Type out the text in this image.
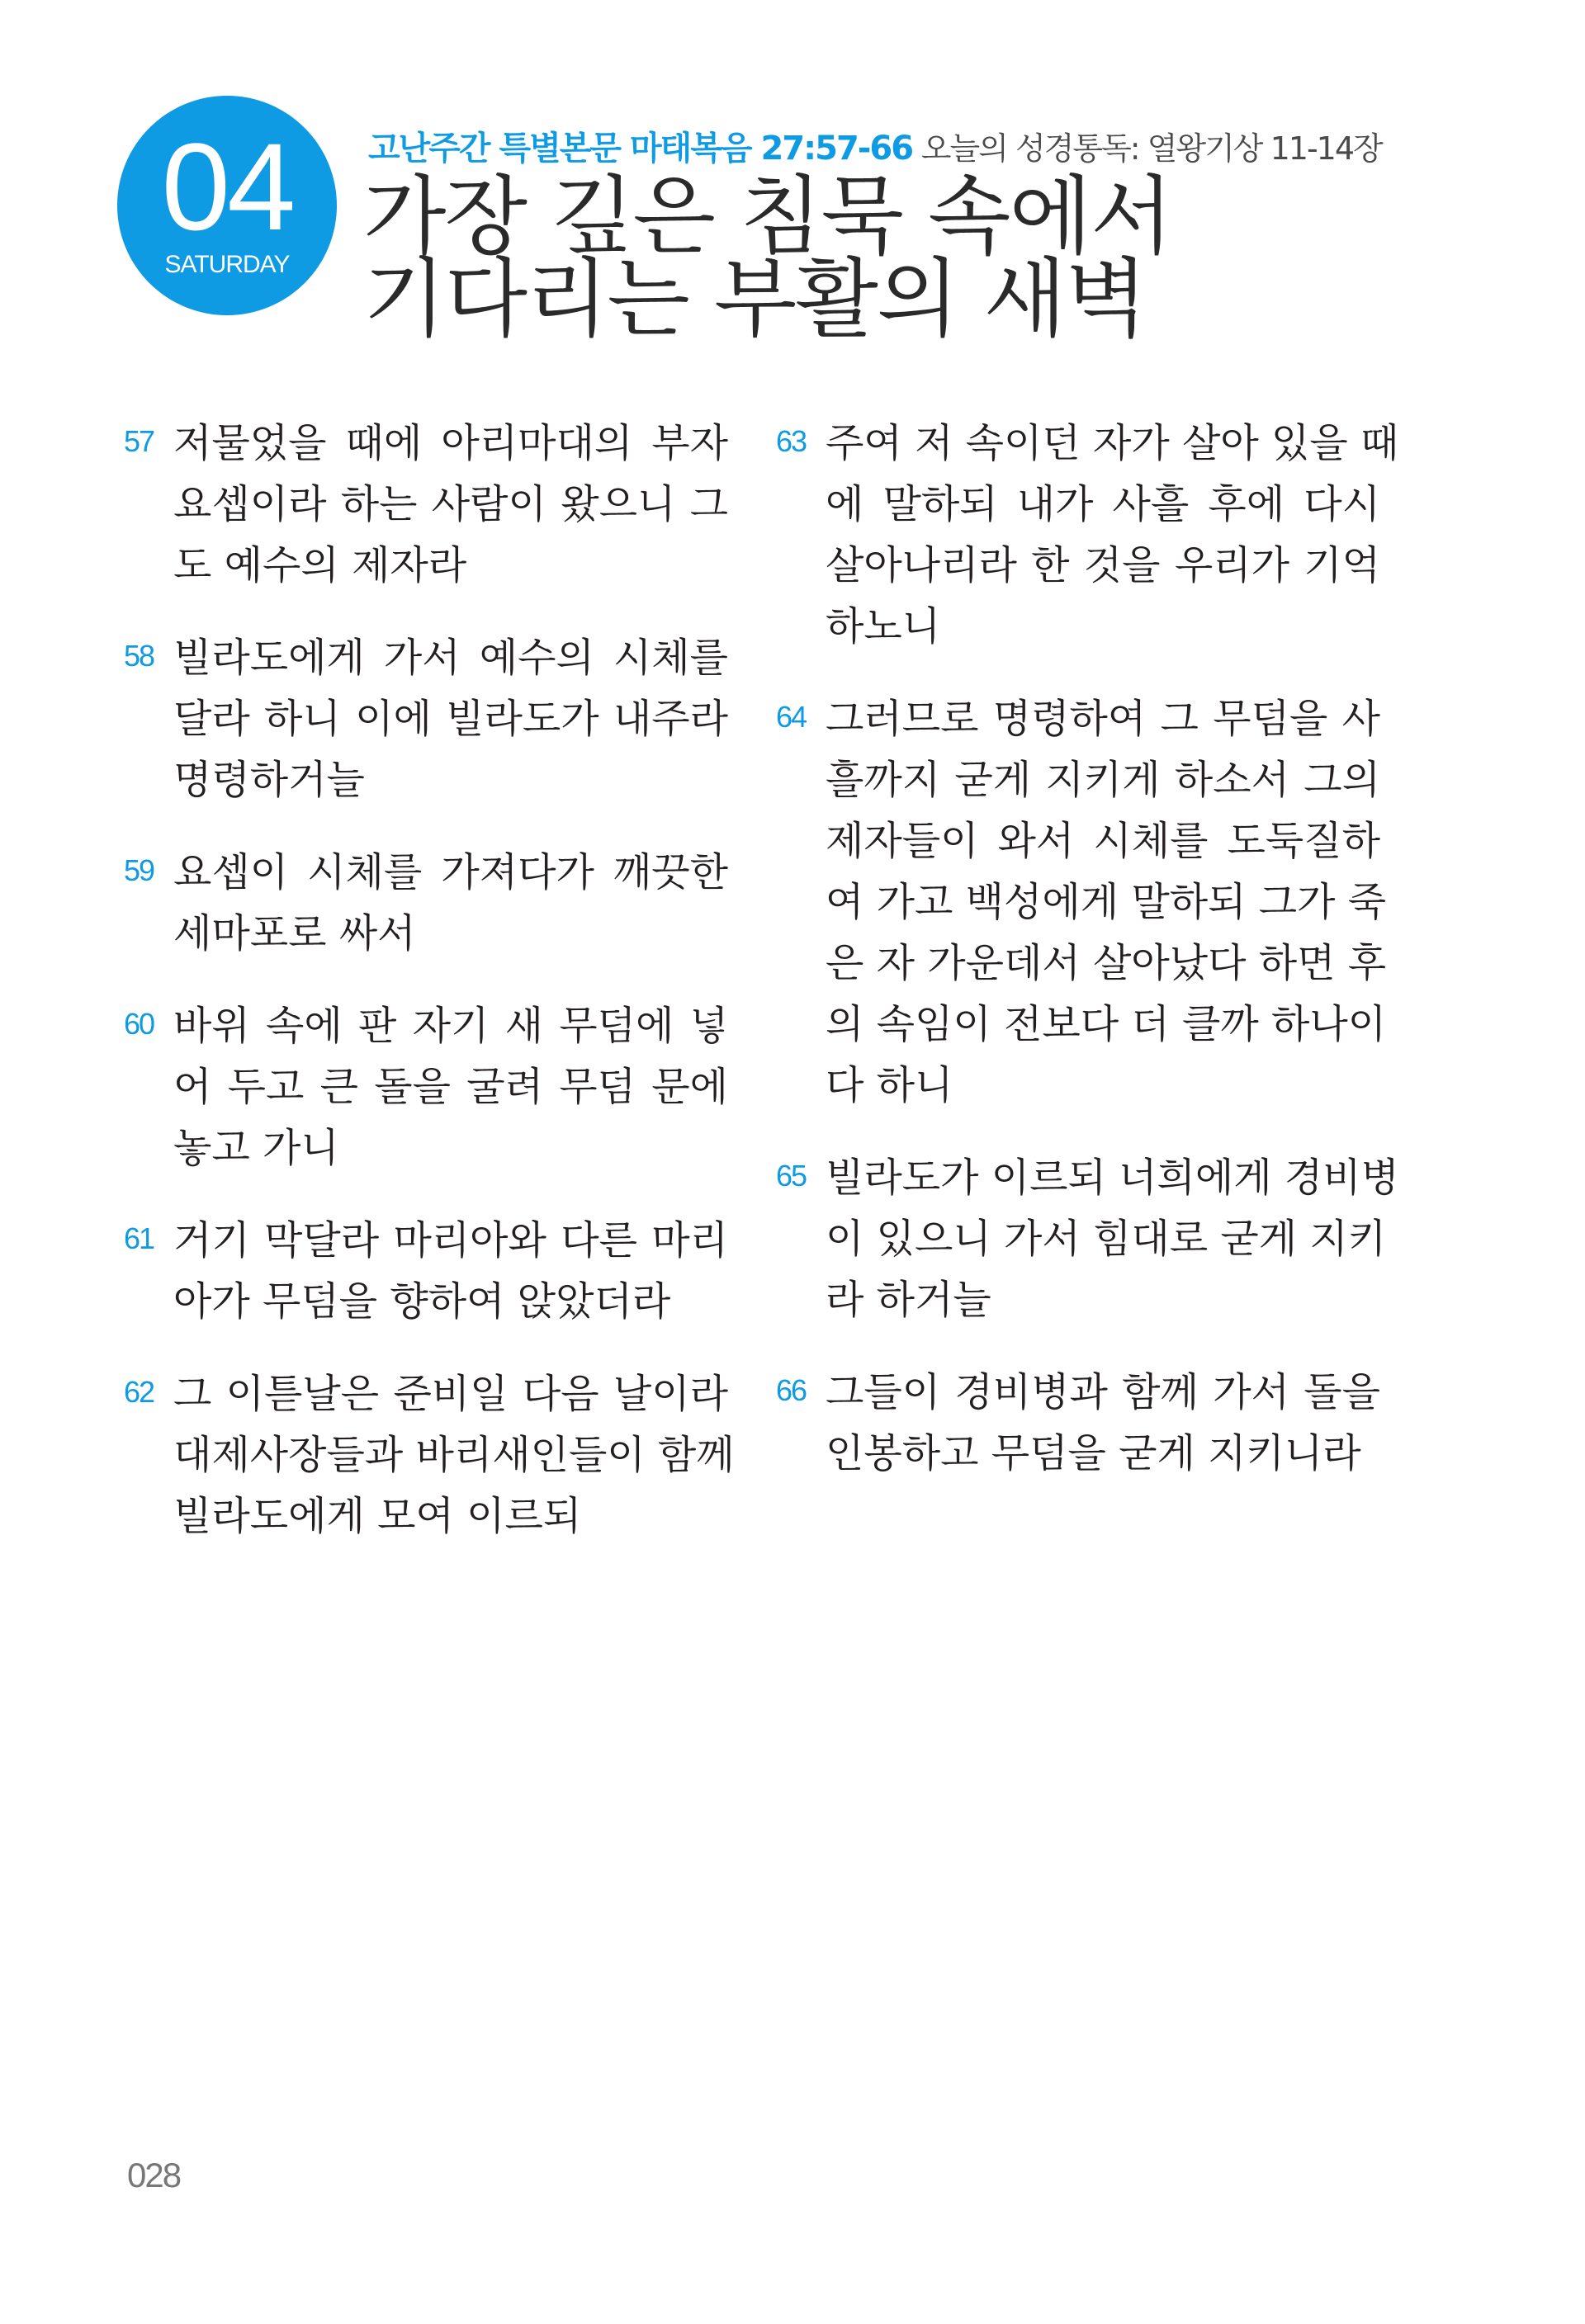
04
SATURDAY
고난주간 특별본문 마태복음 27:57-66 오늘의 성경통독: 열왕기상 11-14장
가장 깊은 침묵 속에서
기다리는 부활의 새벽
57 저물었을 때에 아리마대의 부자
요셉이라 하는 사람이 왔으니 그
도 예수의 제자라
58 빌라도에게 가서 예수의 시체를
달라 하니 이에 빌라도가 내주라
명령하거늘
59 요셉이 시체를 가져다가 깨끗한
세마포로 싸서
60 바위 속에 판 자기 새 무덤에 넣
어 두고 큰 돌을 굴려 무덤 문에
놓고 가니
61 거기 막달라 마리아와 다른 마리
아가 무덤을 향하여 앉았더라
62 그 이튿날은 준비일 다음 날이라
대제사장들과 바리새인들이 함께
빌라도에게 모여 이르되
63 주여 저 속이던 자가 살아 있을 때
에 말하되 내가 사흘 후에 다시
살아나리라 한 것을 우리가 기억
하노니
64 그러므로 명령하여 그 무덤을 사
흘까지 굳게 지키게 하소서 그의
제자들이 와서 시체를 도둑질하
여 가고 백성에게 말하되 그가 죽
은 자 가운데서 살아났다 하면 후
의 속임이 전보다 더 클까 하나이
다 하니
65 빌라도가 이르되 너희에게 경비병
이 있으니 가서 힘대로 굳게 지키
라 하거늘
66 그들이 경비병과 함께 가서 돌을
인봉하고 무덤을 굳게 지키니라
028
